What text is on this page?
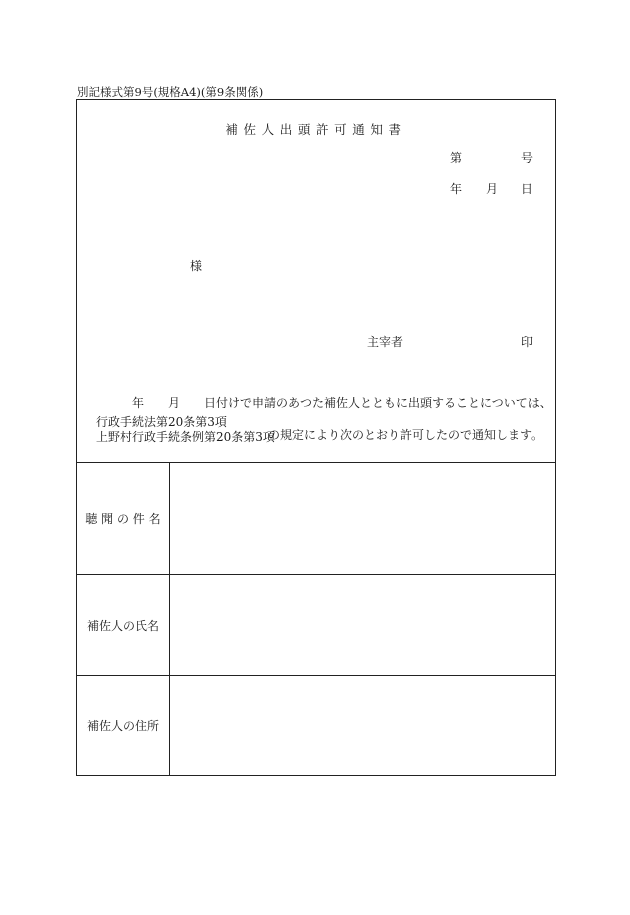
別記様式第9号(規格A4)(第9条関係)
補佐人出頭許可通知書
第	号
年 月 日
様
主宰者	印
年 月 日付けで申請のあつた補佐人とともに出頭することについては、
行政手続法第20条第3項
上野村行政手続条例第20条第3項
の規定により次のとおり許可したので通知します。
聴 聞 の 件 名
補佐人の氏名
補佐人の住所
